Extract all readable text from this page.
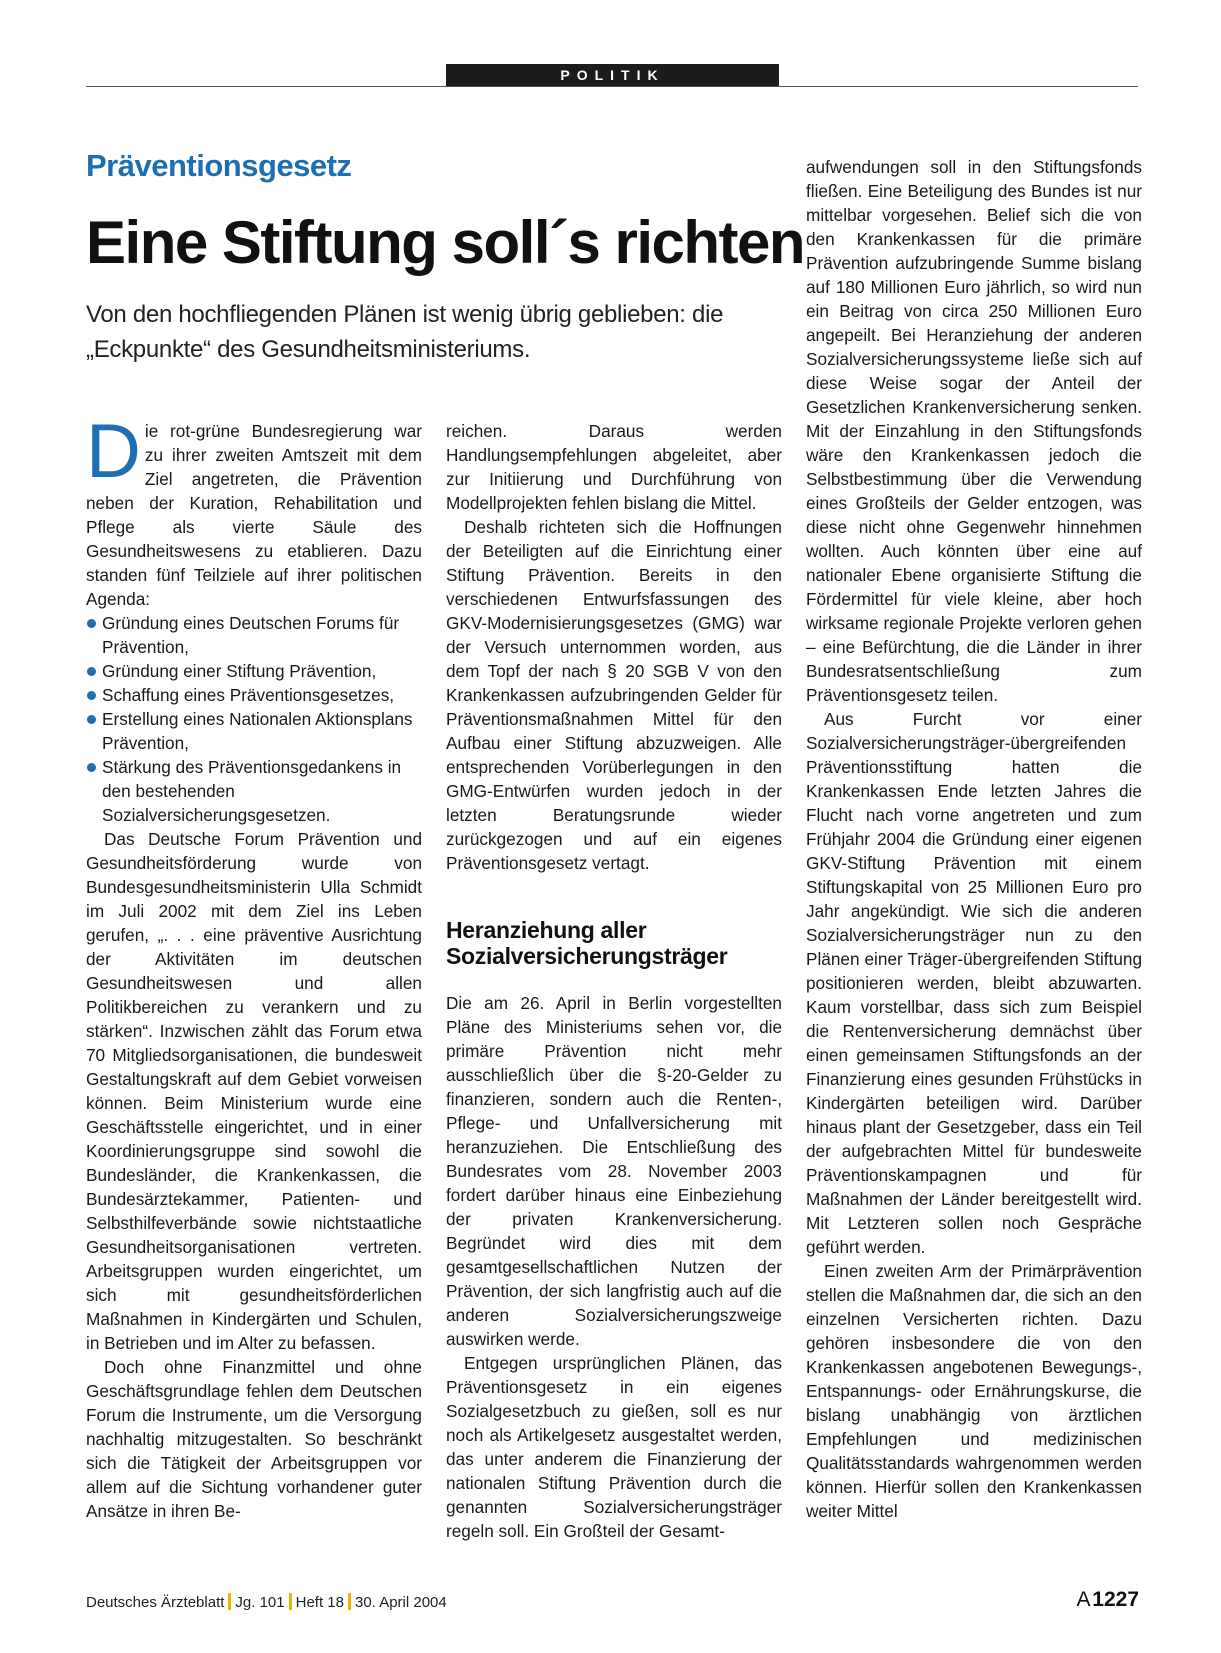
POLITIK
Präventionsgesetz
Eine Stiftung soll´s richten
Von den hochfliegenden Plänen ist wenig übrig geblieben: die „Eckpunkte“ des Gesundheitsministeriums.

Die rot-grüne Bundesregierung war zu ihrer zweiten Amtszeit mit dem Ziel angetreten, die Prävention neben der Kuration, Rehabilitation und Pflege als vierte Säule des Gesundheitswesens zu etablieren. Dazu standen fünf Teilziele auf ihrer politischen Agenda:

Gründung eines Deutschen Forums für Prävention,
Gründung einer Stiftung Prävention,
Schaffung eines Präventionsgesetzes,
Erstellung eines Nationalen Aktionsplans Prävention,
Stärkung des Präventionsgedankens in den bestehenden Sozialversicherungsgesetzen.

Das Deutsche Forum Prävention und Gesundheitsförderung wurde von Bundesgesundheitsministerin Ulla Schmidt im Juli 2002 mit dem Ziel ins Leben gerufen, „. . . eine präventive Ausrichtung der Aktivitäten im deutschen Gesundheitswesen und allen Politikbereichen zu verankern und zu stärken“. Inzwischen zählt das Forum etwa 70 Mitgliedsorganisationen, die bundesweit Gestaltungskraft auf dem Gebiet vorweisen können. Beim Ministerium wurde eine Geschäftsstelle eingerichtet, und in einer Koordinierungsgruppe sind sowohl die Bundesländer, die Krankenkassen, die Bundesärztekammer, Patienten- und Selbsthilfeverbände sowie nichtstaatliche Gesundheitsorganisationen vertreten. Arbeitsgruppen wurden eingerichtet, um sich mit gesundheitsförderlichen Maßnahmen in Kindergärten und Schulen, in Betrieben und im Alter zu befassen.

Doch ohne Finanzmittel und ohne Geschäftsgrundlage fehlen dem Deutschen Forum die Instrumente, um die Versorgung nachhaltig mitzugestalten. So beschränkt sich die Tätigkeit der Arbeitsgruppen vor allem auf die Sichtung vorhandener guter Ansätze in ihren Be-

reichen. Daraus werden Handlungsempfehlungen abgeleitet, aber zur Initiierung und Durchführung von Modellprojekten fehlen bislang die Mittel.

Deshalb richteten sich die Hoffnungen der Beteiligten auf die Einrichtung einer Stiftung Prävention. Bereits in den verschiedenen Entwurfsfassungen des GKV-Modernisierungsgesetzes (GMG) war der Versuch unternommen worden, aus dem Topf der nach § 20 SGB V von den Krankenkassen aufzubringenden Gelder für Präventionsmaßnahmen Mittel für den Aufbau einer Stiftung abzuzweigen. Alle entsprechenden Vorüberlegungen in den GMG-Entwürfen wurden jedoch in der letzten Beratungsrunde wieder zurückgezogen und auf ein eigenes Präventionsgesetz vertagt.

Heranziehung aller Sozialversicherungsträger

Die am 26. April in Berlin vorgestellten Pläne des Ministeriums sehen vor, die primäre Prävention nicht mehr ausschließlich über die §-20-Gelder zu finanzieren, sondern auch die Renten-, Pflege- und Unfallversicherung mit heranzuziehen. Die Entschließung des Bundesrates vom 28. November 2003 fordert darüber hinaus eine Einbeziehung der privaten Krankenversicherung. Begründet wird dies mit dem gesamtgesellschaftlichen Nutzen der Prävention, der sich langfristig auch auf die anderen Sozialversicherungszweige auswirken werde.

Entgegen ursprünglichen Plänen, das Präventionsgesetz in ein eigenes Sozialgesetzbuch zu gießen, soll es nur noch als Artikelgesetz ausgestaltet werden, das unter anderem die Finanzierung der nationalen Stiftung Prävention durch die genannten Sozialversicherungsträger regeln soll. Ein Großteil der Gesamt-

aufwendungen soll in den Stiftungsfonds fließen. Eine Beteiligung des Bundes ist nur mittelbar vorgesehen. Belief sich die von den Krankenkassen für die primäre Prävention aufzubringende Summe bislang auf 180 Millionen Euro jährlich, so wird nun ein Beitrag von circa 250 Millionen Euro angepeilt. Bei Heranziehung der anderen Sozialversicherungssysteme ließe sich auf diese Weise sogar der Anteil der Gesetzlichen Krankenversicherung senken. Mit der Einzahlung in den Stiftungsfonds wäre den Krankenkassen jedoch die Selbstbestimmung über die Verwendung eines Großteils der Gelder entzogen, was diese nicht ohne Gegenwehr hinnehmen wollten. Auch könnten über eine auf nationaler Ebene organisierte Stiftung die Fördermittel für viele kleine, aber hoch wirksame regionale Projekte verloren gehen – eine Befürchtung, die die Länder in ihrer Bundesratsentschließung zum Präventionsgesetz teilen.

Aus Furcht vor einer Sozialversicherungsträger-übergreifenden Präventionsstiftung hatten die Krankenkassen Ende letzten Jahres die Flucht nach vorne angetreten und zum Frühjahr 2004 die Gründung einer eigenen GKV-Stiftung Prävention mit einem Stiftungskapital von 25 Millionen Euro pro Jahr angekündigt. Wie sich die anderen Sozialversicherungsträger nun zu den Plänen einer Träger-übergreifenden Stiftung positionieren werden, bleibt abzuwarten. Kaum vorstellbar, dass sich zum Beispiel die Rentenversicherung demnächst über einen gemeinsamen Stiftungsfonds an der Finanzierung eines gesunden Frühstücks in Kindergärten beteiligen wird. Darüber hinaus plant der Gesetzgeber, dass ein Teil der aufgebrachten Mittel für bundesweite Präventionskampagnen und für Maßnahmen der Länder bereitgestellt wird. Mit Letzteren sollen noch Gespräche geführt werden.

Einen zweiten Arm der Primärprävention stellen die Maßnahmen dar, die sich an den einzelnen Versicherten richten. Dazu gehören insbesondere die von den Krankenkassen angebotenen Bewegungs-, Entspannungs- oder Ernährungskurse, die bislang unabhängig von ärztlichen Empfehlungen und medizinischen Qualitätsstandards wahrgenommen werden können. Hierfür sollen den Krankenkassen weiter Mittel

Deutsches Ärzteblatt Jg. 101 Heft 18 30. April 2004	A 1227
